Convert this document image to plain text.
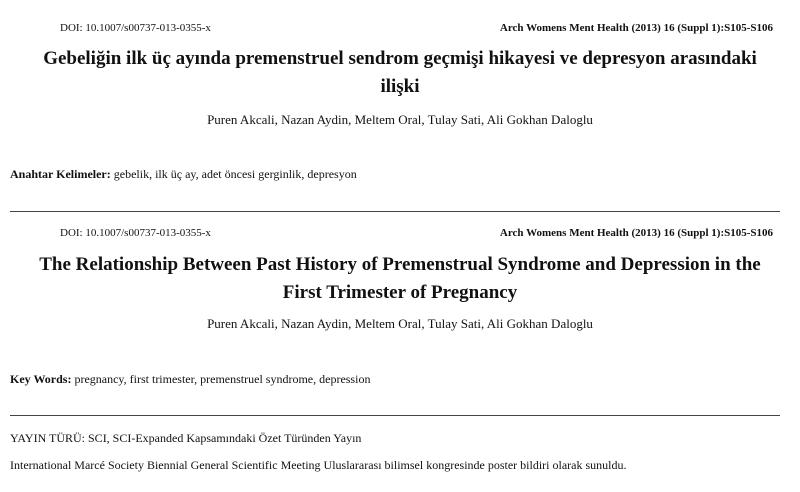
DOI: 10.1007/s00737-013-0355-x	Arch Womens Ment Health (2013) 16 (Suppl 1):S105-S106
Gebeliğin ilk üç ayında premenstruel sendrom geçmişi hikayesi ve depresyon arasındaki
ilişki
Puren Akcali, Nazan Aydin, Meltem Oral, Tulay Sati, Ali Gokhan Daloglu
Anahtar Kelimeler: gebelik, ilk üç ay, adet öncesi gerginlik, depresyon
DOI: 10.1007/s00737-013-0355-x	Arch Womens Ment Health (2013) 16 (Suppl 1):S105-S106
The Relationship Between Past History of Premenstrual Syndrome and Depression in the
First Trimester of Pregnancy
Puren Akcali, Nazan Aydin, Meltem Oral, Tulay Sati, Ali Gokhan Daloglu
Key Words: pregnancy, first trimester, premenstruel syndrome, depression
YAYIN TÜRÜ: SCI, SCI-Expanded Kapsamındaki Özet Türünden Yayın
International Marcé Society Biennial General Scientific Meeting Uluslararası bilimsel kongresinde poster bildiri olarak sunuldu.
